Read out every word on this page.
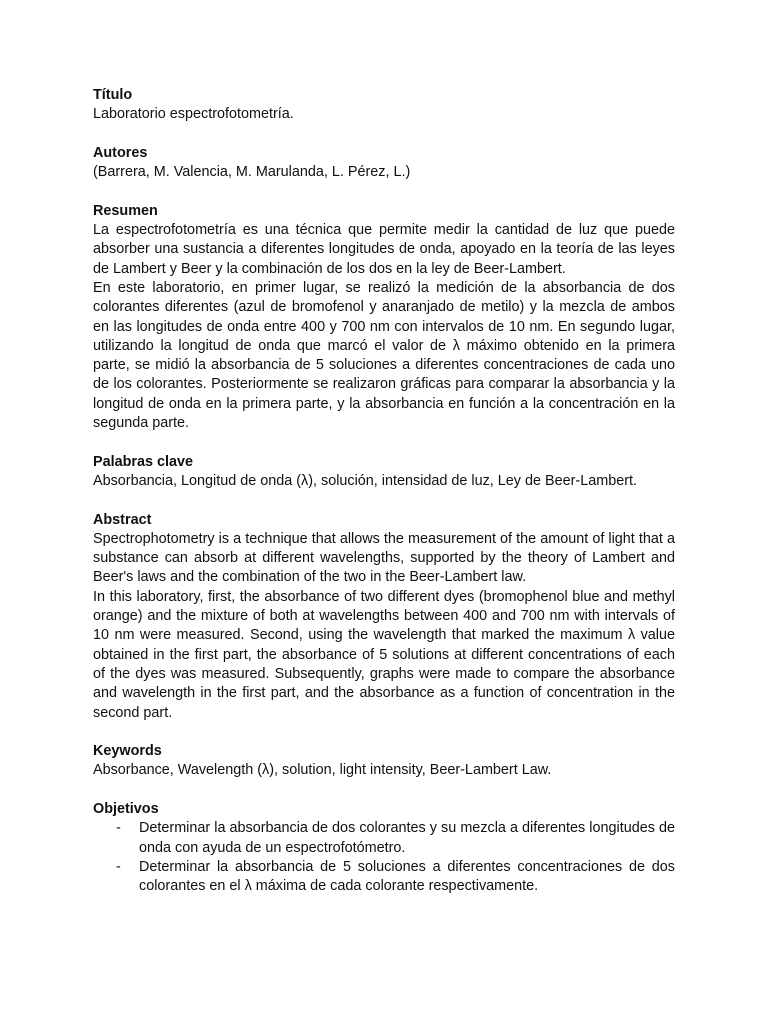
Título
Laboratorio espectrofotometría.
Autores
(Barrera, M. Valencia, M. Marulanda, L. Pérez, L.)
Resumen

La espectrofotometría es una técnica que permite medir la cantidad de luz que puede absorber una sustancia a diferentes longitudes de onda, apoyado en la teoría de las leyes de Lambert y Beer y la combinación de los dos en la ley de Beer-Lambert.

En este laboratorio, en primer lugar, se realizó la medición de la absorbancia de dos colorantes diferentes (azul de bromofenol y anaranjado de metilo) y la mezcla de ambos en las longitudes de onda entre 400 y 700 nm con intervalos de 10 nm. En segundo lugar, utilizando la longitud de onda que marcó el valor de λ máximo obtenido en la primera parte, se midió la absorbancia de 5 soluciones a diferentes concentraciones de cada uno de los colorantes. Posteriormente se realizaron gráficas para comparar la absorbancia y la longitud de onda en la primera parte, y la absorbancia en función a la concentración en la segunda parte.

Palabras clave
Absorbancia, Longitud de onda (λ), solución, intensidad de luz, Ley de Beer-Lambert.
Abstract

Spectrophotometry is a technique that allows the measurement of the amount of light that a substance can absorb at different wavelengths, supported by the theory of Lambert and Beer's laws and the combination of the two in the Beer-Lambert law.

In this laboratory, first, the absorbance of two different dyes (bromophenol blue and methyl orange) and the mixture of both at wavelengths between 400 and 700 nm with intervals of 10 nm were measured. Second, using the wavelength that marked the maximum λ value obtained in the first part, the absorbance of 5 solutions at different concentrations of each of the dyes was measured. Subsequently, graphs were made to compare the absorbance and wavelength in the first part, and the absorbance as a function of concentration in the second part.

Keywords
Absorbance, Wavelength (λ), solution, light intensity, Beer-Lambert Law.
Objetivos
- Determinar la absorbancia de dos colorantes y su mezcla a diferentes longitudes de onda con ayuda de un espectrofotómetro.
- Determinar la absorbancia de 5 soluciones a diferentes concentraciones de dos colorantes en el λ máxima de cada colorante respectivamente.
